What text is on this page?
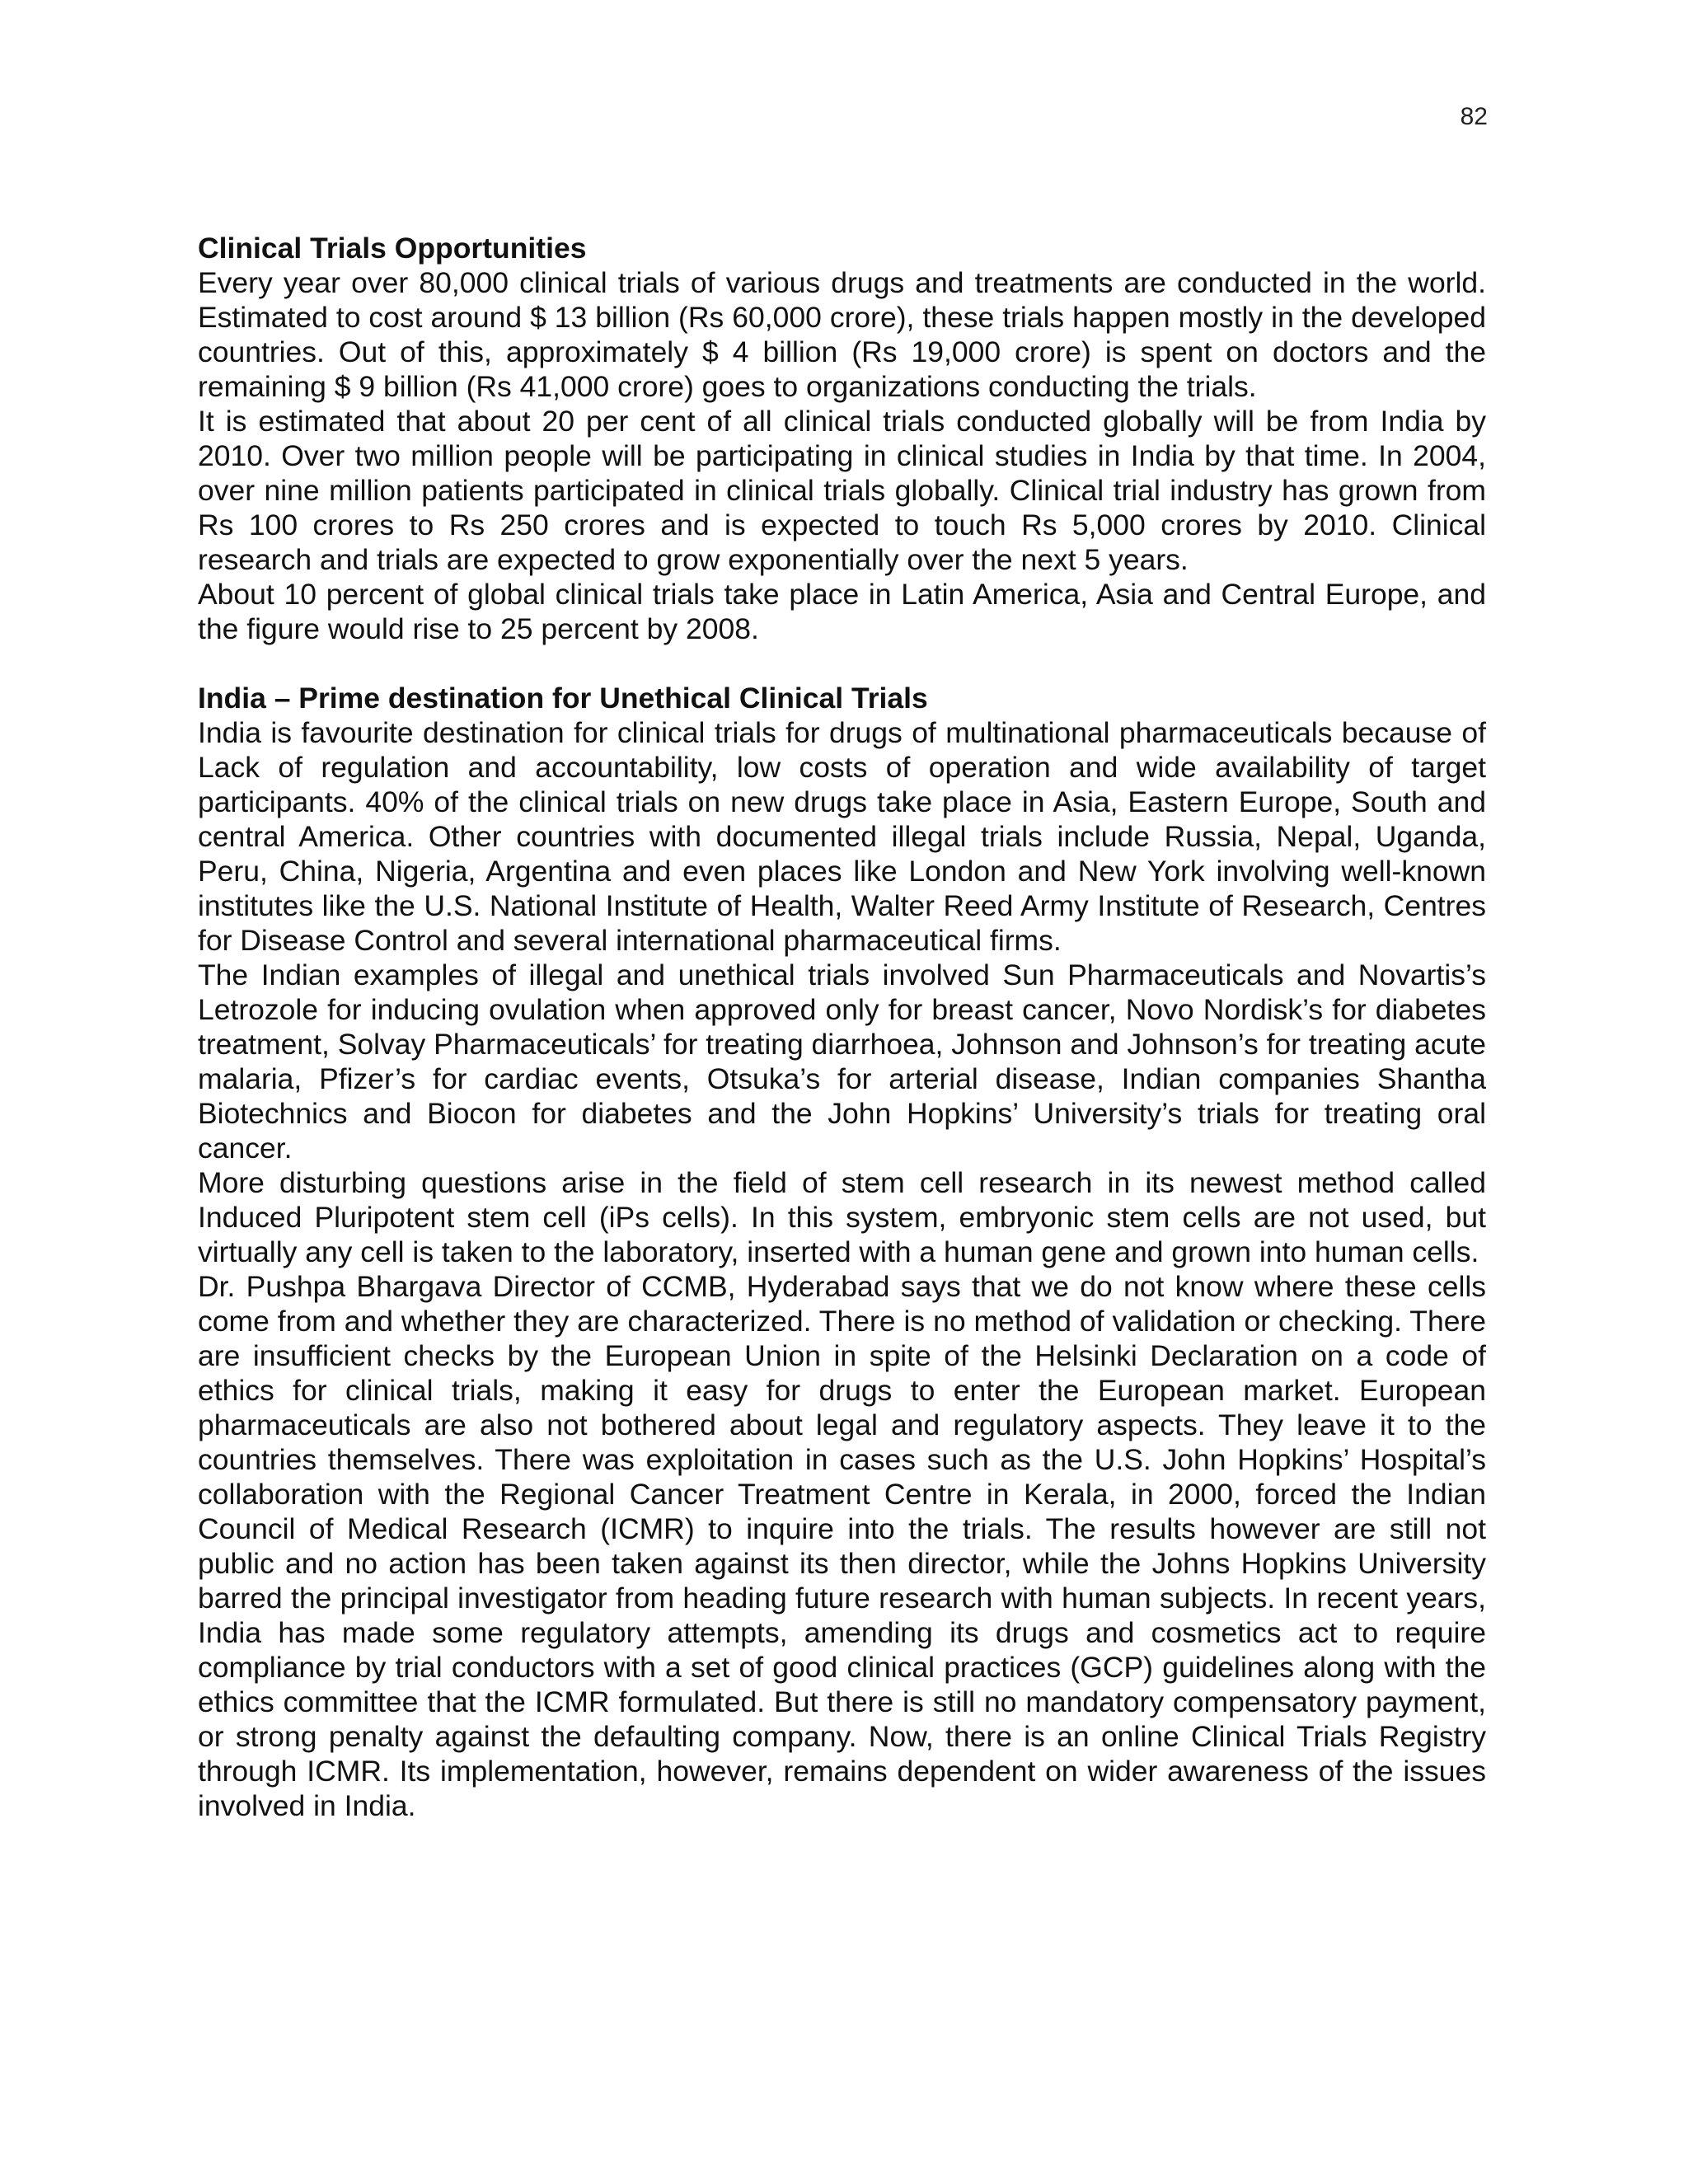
82
Clinical Trials Opportunities

Every year over 80,000 clinical trials of various drugs and treatments are conducted in the world. Estimated to cost around $ 13 billion (Rs 60,000 crore), these trials happen mostly in the developed countries. Out of this, approximately $ 4 billion (Rs 19,000 crore) is spent on doctors and the remaining $ 9 billion (Rs 41,000 crore) goes to organizations conducting the trials.

It is estimated that about 20 per cent of all clinical trials conducted globally will be from India by 2010. Over two million people will be participating in clinical studies in India by that time. In 2004, over nine million patients participated in clinical trials globally. Clinical trial industry has grown from Rs 100 crores to Rs 250 crores and is expected to touch Rs 5,000 crores by 2010. Clinical research and trials are expected to grow exponentially over the next 5 years.

About 10 percent of global clinical trials take place in Latin America, Asia and Central Europe, and the figure would rise to 25 percent by 2008.

India – Prime destination for Unethical Clinical Trials

India is favourite destination for clinical trials for drugs of multinational pharmaceuticals because of Lack of regulation and accountability, low costs of operation and wide availability of target participants. 40% of the clinical trials on new drugs take place in Asia, Eastern Europe, South and central America. Other countries with documented illegal trials include Russia, Nepal, Uganda, Peru, China, Nigeria, Argentina and even places like London and New York involving well-known institutes like the U.S. National Institute of Health, Walter Reed Army Institute of Research, Centres for Disease Control and several international pharmaceutical firms.

The Indian examples of illegal and unethical trials involved Sun Pharmaceuticals and Novartis’s Letrozole for inducing ovulation when approved only for breast cancer, Novo Nordisk’s for diabetes treatment, Solvay Pharmaceuticals’ for treating diarrhoea, Johnson and Johnson’s for treating acute malaria, Pfizer’s for cardiac events, Otsuka’s for arterial disease, Indian companies Shantha Biotechnics and Biocon for diabetes and the John Hopkins’ University’s trials for treating oral cancer.

More disturbing questions arise in the field of stem cell research in its newest method called Induced Pluripotent stem cell (iPs cells). In this system, embryonic stem cells are not used, but virtually any cell is taken to the laboratory, inserted with a human gene and grown into human cells.

Dr. Pushpa Bhargava Director of CCMB, Hyderabad says that we do not know where these cells come from and whether they are characterized. There is no method of validation or checking. There are insufficient checks by the European Union in spite of the Helsinki Declaration on a code of ethics for clinical trials, making it easy for drugs to enter the European market. European pharmaceuticals are also not bothered about legal and regulatory aspects. They leave it to the countries themselves. There was exploitation in cases such as the U.S. John Hopkins’ Hospital’s collaboration with the Regional Cancer Treatment Centre in Kerala, in 2000, forced the Indian Council of Medical Research (ICMR) to inquire into the trials. The results however are still not public and no action has been taken against its then director, while the Johns Hopkins University barred the principal investigator from heading future research with human subjects. In recent years, India has made some regulatory attempts, amending its drugs and cosmetics act to require compliance by trial conductors with a set of good clinical practices (GCP) guidelines along with the ethics committee that the ICMR formulated. But there is still no mandatory compensatory payment, or strong penalty against the defaulting company. Now, there is an online Clinical Trials Registry through ICMR. Its implementation, however, remains dependent on wider awareness of the issues involved in India.
